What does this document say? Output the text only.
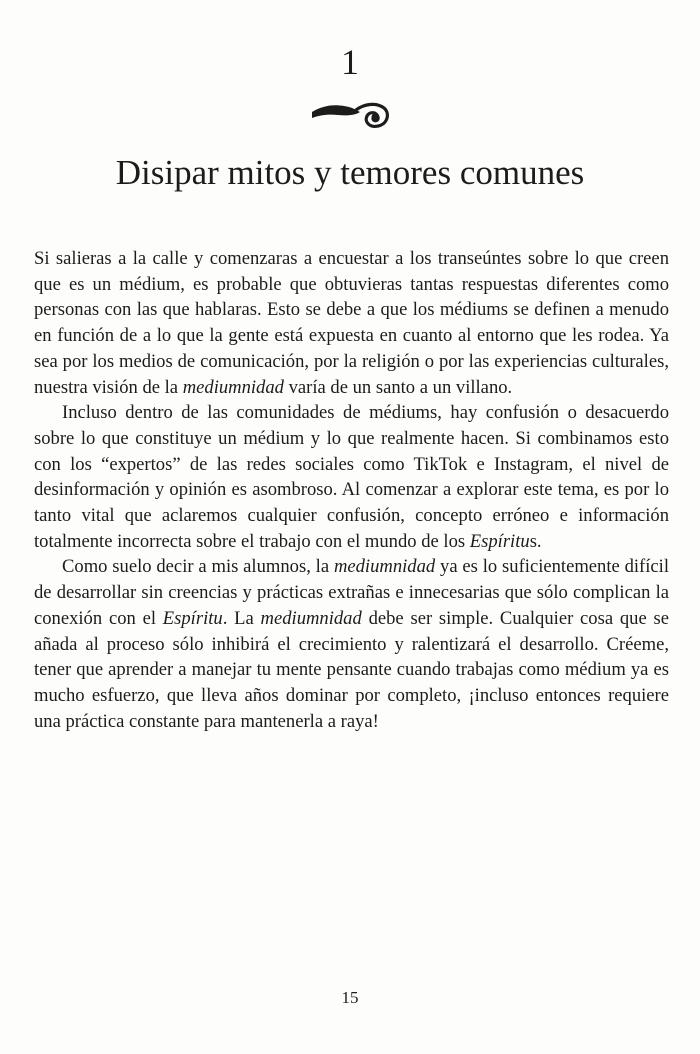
1
Disipar mitos y temores comunes

Si salieras a la calle y comenzaras a encuestar a los transeúntes sobre lo que creen que es un médium, es probable que obtuvieras tantas respuestas diferentes como personas con las que hablaras. Esto se debe a que los médiums se definen a menudo en función de a lo que la gente está expuesta en cuanto al entorno que les rodea. Ya sea por los medios de comunicación, por la religión o por las experiencias culturales, nuestra visión de la mediumnidad varía de un santo a un villano.

Incluso dentro de las comunidades de médiums, hay confusión o desacuerdo sobre lo que constituye un médium y lo que realmente hacen. Si combinamos esto con los “expertos” de las redes sociales como TikTok e Instagram, el nivel de desinformación y opinión es asombroso. Al comenzar a explorar este tema, es por lo tanto vital que aclaremos cualquier confusión, concepto erróneo e información totalmente incorrecta sobre el trabajo con el mundo de los Espíritus.

Como suelo decir a mis alumnos, la mediumnidad ya es lo suficientemente difícil de desarrollar sin creencias y prácticas extrañas e innecesarias que sólo complican la conexión con el Espíritu. La mediumnidad debe ser simple. Cualquier cosa que se añada al proceso sólo inhibirá el crecimiento y ralentizará el desarrollo. Créeme, tener que aprender a manejar tu mente pensante cuando trabajas como médium ya es mucho esfuerzo, que lleva años dominar por completo, ¡incluso entonces requiere una práctica constante para mantenerla a raya!

15
